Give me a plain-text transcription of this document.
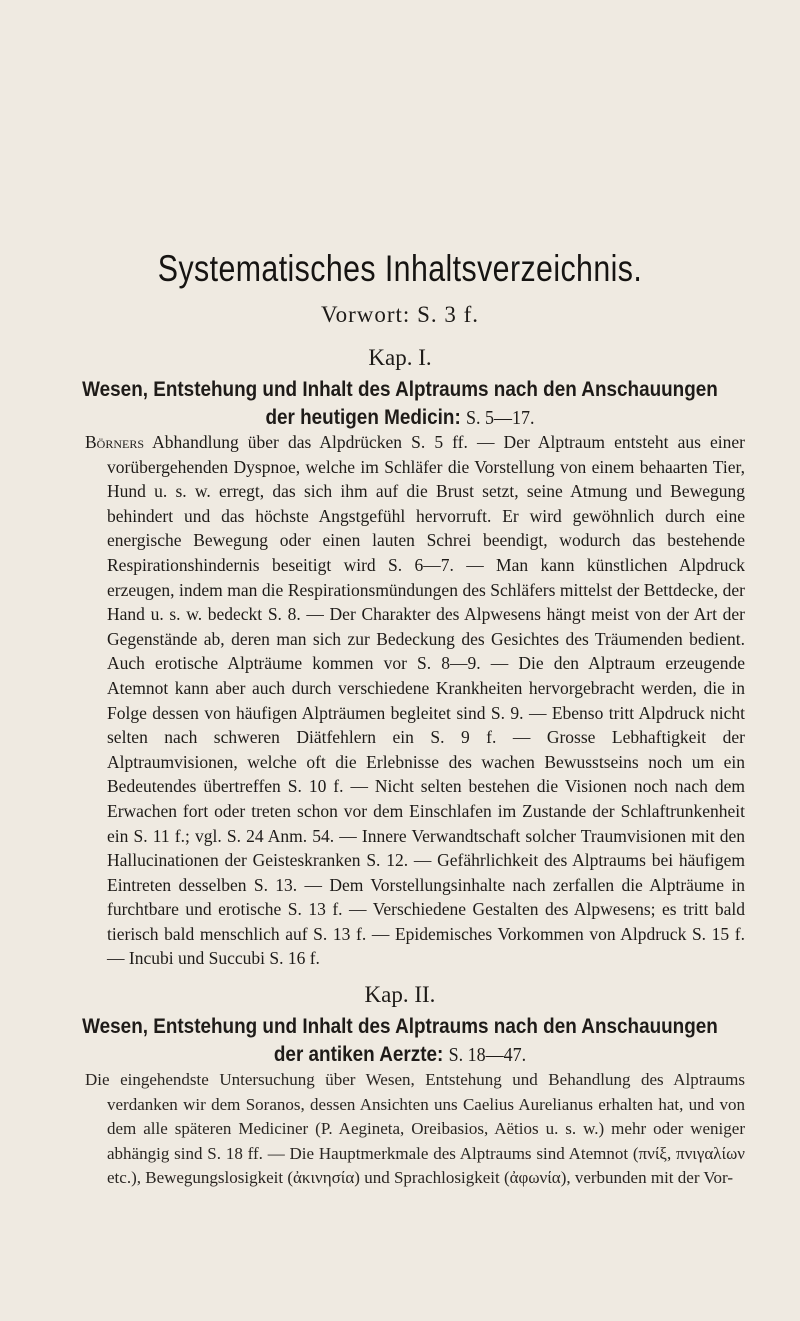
Systematisches Inhaltsverzeichnis.
Vorwort: S. 3 f.
Kap. I.
Wesen, Entstehung und Inhalt des Alptraums nach den Anschauungen der heutigen Medicin: S. 5—17.
Börners Abhandlung über das Alpdrücken S. 5 ff. — Der Alptraum entsteht aus einer vorübergehenden Dyspnoe, welche im Schläfer die Vorstellung von einem behaarten Tier, Hund u. s. w. erregt, das sich ihm auf die Brust setzt, seine Atmung und Bewegung behindert und das höchste Angstgefühl hervorruft. Er wird gewöhnlich durch eine energische Bewegung oder einen lauten Schrei beendigt, wodurch das bestehende Respirationshindernis beseitigt wird S. 6—7. — Man kann künstlichen Alpdruck erzeugen, indem man die Respirationsmündungen des Schläfers mittelst der Bettdecke, der Hand u. s. w. bedeckt S. 8. — Der Charakter des Alpwesens hängt meist von der Art der Gegenstände ab, deren man sich zur Bedeckung des Gesichtes des Träumenden bedient. Auch erotische Alpträume kommen vor S. 8—9. — Die den Alptraum erzeugende Atemnot kann aber auch durch verschiedene Krankheiten hervorgebracht werden, die in Folge dessen von häufigen Alpträumen begleitet sind S. 9. — Ebenso tritt Alpdruck nicht selten nach schweren Diätfehlern ein S. 9 f. — Grosse Lebhaftigkeit der Alptraumvisionen, welche oft die Erlebnisse des wachen Bewusstseins noch um ein Bedeutendes übertreffen S. 10 f. — Nicht selten bestehen die Visionen noch nach dem Erwachen fort oder treten schon vor dem Einschlafen im Zustande der Schlaftrunkenheit ein S. 11 f.; vgl. S. 24 Anm. 54. — Innere Verwandtschaft solcher Traumvisionen mit den Hallucinationen der Geisteskranken S. 12. — Gefährlichkeit des Alptraums bei häufigem Eintreten desselben S. 13. — Dem Vorstellungsinhalte nach zerfallen die Alpträume in furchtbare und erotische S. 13 f. — Verschiedene Gestalten des Alpwesens; es tritt bald tierisch bald menschlich auf S. 13 f. — Epidemisches Vorkommen von Alpdruck S. 15 f. — Incubi und Succubi S. 16 f.
Kap. II.
Wesen, Entstehung und Inhalt des Alptraums nach den Anschauungen der antiken Aerzte: S. 18—47.
Die eingehendste Untersuchung über Wesen, Entstehung und Behandlung des Alptraums verdanken wir dem Soranos, dessen Ansichten uns Caelius Aurelianus erhalten hat, und von dem alle späteren Mediciner (P. Aegineta, Oreibasios, Aëtios u. s. w.) mehr oder weniger abhängig sind S. 18 ff. — Die Hauptmerkmale des Alptraums sind Atemnot (πνίξ, πνιγαλίων etc.), Bewegungslosigkeit (ἀκινησία) und Sprachlosigkeit (ἀφωνία), verbunden mit der Vor-
